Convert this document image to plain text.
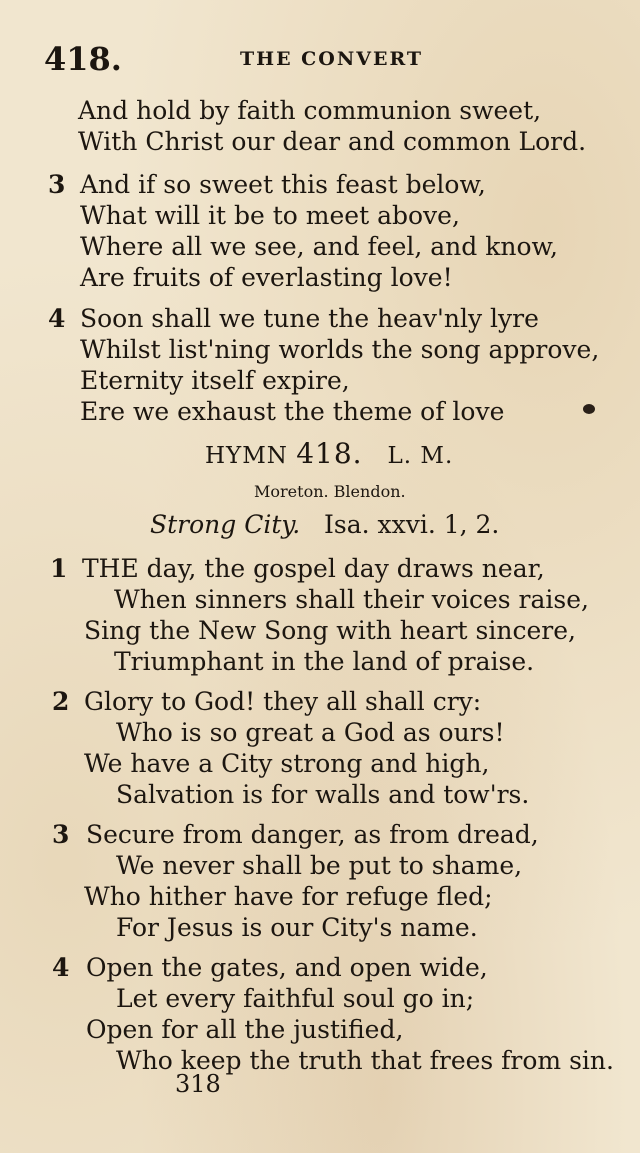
418.	THE CONVERT
And hold by faith communion sweet,
With Christ our dear and common Lord.
3 And if so sweet this feast below,
What will it be to meet above,
Where all we see, and feel, and know,
Are fruits of everlasting love!
4 Soon shall we tune the heav'nly lyre
Whilst list'ning worlds the song approve,
Eternity itself expire,
Ere we exhaust the theme of love
HYMN 418. L. M.
Moreton. Blendon.
Strong City. Isa. xxvi. 1, 2.
1 THE day, the gospel day draws near,
When sinners shall their voices raise,
Sing the New Song with heart sincere,
Triumphant in the land of praise.
2 Glory to God! they all shall cry:
Who is so great a God as ours!
We have a City strong and high,
Salvation is for walls and tow'rs.
3 Secure from danger, as from dread,
We never shall be put to shame,
Who hither have for refuge fled;
For Jesus is our City's name.
4 Open the gates, and open wide,
Let every faithful soul go in;
Open for all the justified,
Who keep the truth that frees from sin.
318
